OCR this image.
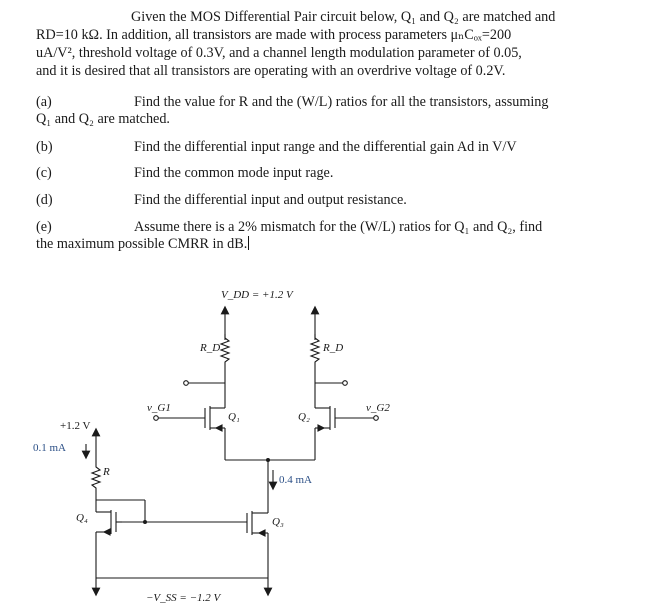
Given the MOS Differential Pair circuit below, Q₁ and Q₂ are matched and
RD=10 kΩ. In addition, all transistors are made with process parameters μₙCₒₓ=200
uA/V², threshold voltage of 0.3V, and a channel length modulation parameter of 0.05,
and it is desired that all transistors are operating with an overdrive voltage of 0.2V.
(a)	Find the value for R and the (W/L) ratios for all the transistors, assuming
Q₁ and Q₂ are matched.
(b)	Find the differential input range and the differential gain Ad in V/V
(c)	Find the common mode input rage.
(d)	Find the differential input and output resistance.
(e)	Assume there is a 2% mismatch for the (W/L) ratios for Q₁ and Q₂, find
the maximum possible CMRR in dB.
V_DD = +1.2 V
R_D	R_D
v_G1	v_G2
Q₁	Q₂
+1.2 V
0.1 mA
R
0.4 mA
Q₄	Q₃
−V_SS = −1.2 V
